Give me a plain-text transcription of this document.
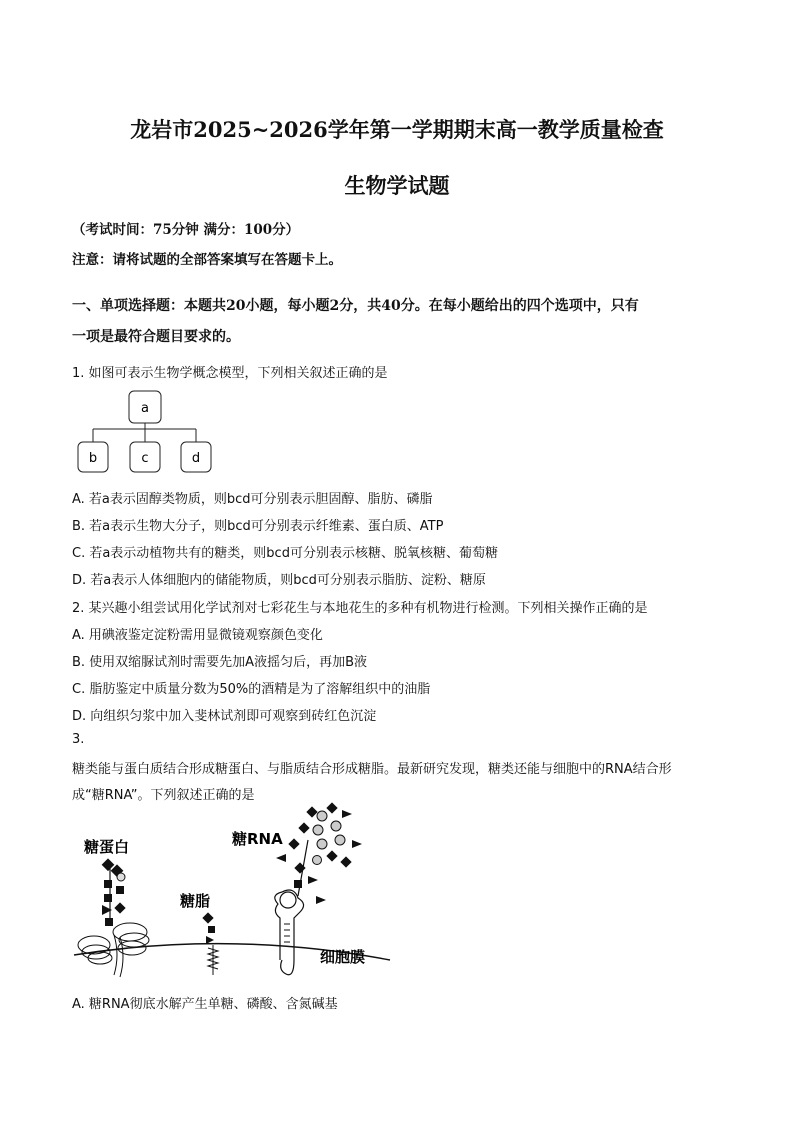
龙岩市2025~2026学年第一学期期末高一教学质量检查
生物学试题
（考试时间：75分钟 满分：100分）
注意：请将试题的全部答案填写在答题卡上。
一、单项选择题：本题共20小题，每小题2分，共40分。在每小题给出的四个选项中，只有
一项是最符合题目要求的。
1. 如图可表示生物学概念模型，下列相关叙述正确的是
a
b	c	d
A. 若a表示固醇类物质，则bcd可分别表示胆固醇、脂肪、磷脂
B. 若a表示生物大分子，则bcd可分别表示纤维素、蛋白质、ATP
C. 若a表示动植物共有的糖类，则bcd可分别表示核糖、脱氧核糖、葡萄糖
D. 若a表示人体细胞内的储能物质，则bcd可分别表示脂肪、淀粉、糖原
2. 某兴趣小组尝试用化学试剂对七彩花生与本地花生的多种有机物进行检测。下列相关操作正确的是
A. 用碘液鉴定淀粉需用显微镜观察颜色变化
B. 使用双缩脲试剂时需要先加A液摇匀后，再加B液
C. 脂肪鉴定中质量分数为50%的酒精是为了溶解组织中的油脂
D. 向组织匀浆中加入斐林试剂即可观察到砖红色沉淀
3.
糖类能与蛋白质结合形成糖蛋白、与脂质结合形成糖脂。最新研究发现，糖类还能与细胞中的RNA结合形
成“糖RNA”。下列叙述正确的是
糖蛋白
糖脂
糖RNA
细胞膜
A. 糖RNA彻底水解产生单糖、磷酸、含氮碱基
